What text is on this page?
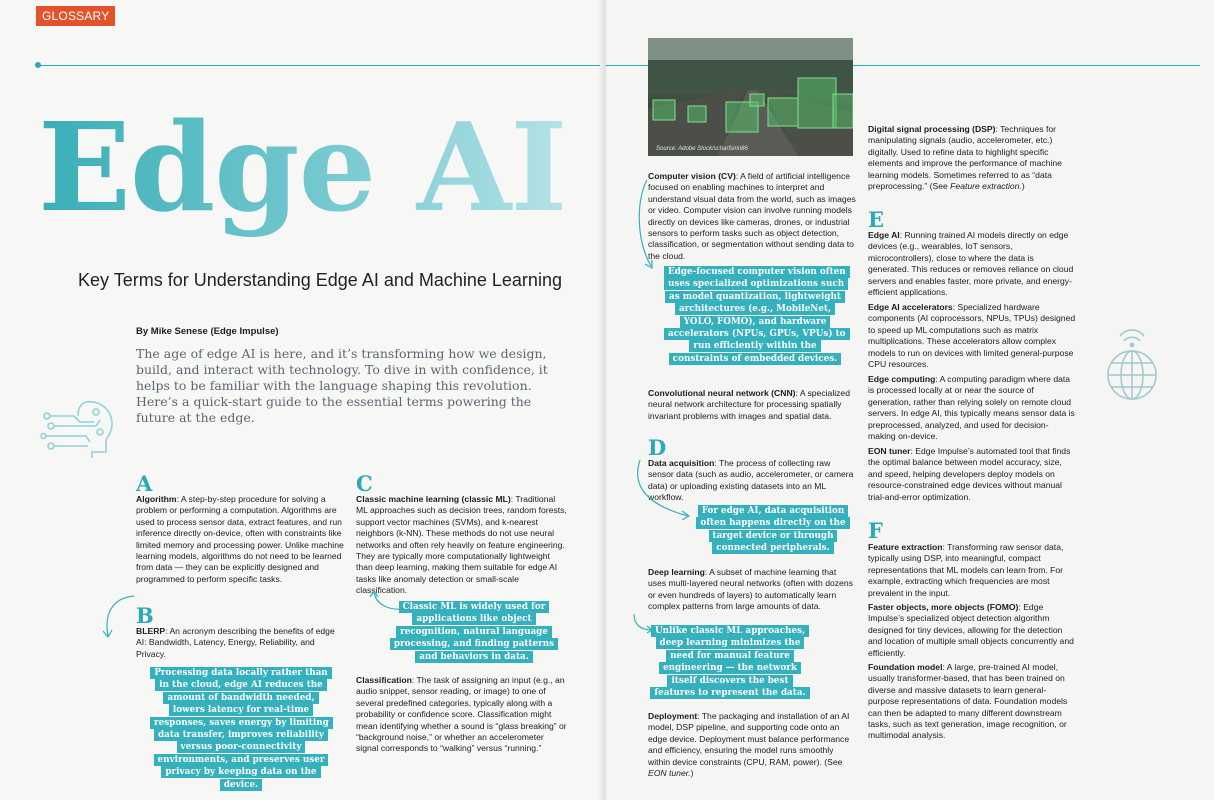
GLOSSARY
Edge AI
Key Terms for Understanding Edge AI and Machine Learning
By Mike Senese (Edge Impulse)
The age of edge AI is here, and it’s transforming how we design, build, and interact with technology. To dive in with confidence, it helps to be familiar with the language shaping this revolution. Here’s a quick-start guide to the essential terms powering the future at the edge.
A

Algorithm: A step-by-step procedure for solving a problem or performing a computation. Algorithms are used to process sensor data, extract features, and run inference directly on-device, often with constraints like limited memory and processing power. Unlike machine learning models, algorithms do not need to be learned from data — they can be explicitly designed and programmed to perform specific tasks.

B

BLERP: An acronym describing the benefits of edge AI: Bandwidth, Latency, Energy, Reliability, and Privacy.

Processing data locally rather than in the cloud, edge AI reduces the amount of bandwidth needed, lowers latency for real-time responses, saves energy by limiting data transfer, improves reliability versus poor-connectivity environments, and preserves user privacy by keeping data on the device.
C

Classic machine learning (classic ML): Traditional ML approaches such as decision trees, random forests, support vector machines (SVMs), and k-nearest neighbors (k-NN). These methods do not use neural networks and often rely heavily on feature engineering. They are typically more computationally lightweight than deep learning, making them suitable for edge AI tasks like anomaly detection or small-scale classification.

Classic ML is widely used for applications like object recognition, natural language processing, and finding patterns and behaviors in data.

Classification: The task of assigning an input (e.g., an audio snippet, sensor reading, or image) to one of several predefined categories, typically along with a probability or confidence score. Classification might mean identifying whether a sound is “glass breaking” or “background noise,” or whether an accelerometer signal corresponds to “walking” versus “running.”

Source: Adobe Stock/scharfsinn86

Computer vision (CV): A field of artificial intelligence focused on enabling machines to interpret and understand visual data from the world, such as images or video. Computer vision can involve running models directly on devices like cameras, drones, or industrial sensors to perform tasks such as object detection, classification, or segmentation without sending data to the cloud.

Edge-focused computer vision often uses specialized optimizations such as model quantization, lightweight architectures (e.g., MobileNet, YOLO, FOMO), and hardware accelerators (NPUs, GPUs, VPUs) to run efficiently within the constraints of embedded devices.

Convolutional neural network (CNN): A specialized neural network architecture for processing spatially invariant problems with images and spatial data.

D

Data acquisition: The process of collecting raw sensor data (such as audio, accelerometer, or camera data) or uploading existing datasets into an ML workflow.

For edge AI, data acquisition often happens directly on the target device or through connected peripherals.

Deep learning: A subset of machine learning that uses multi-layered neural networks (often with dozens or even hundreds of layers) to automatically learn complex patterns from large amounts of data.

Unlike classic ML approaches, deep learning minimizes the need for manual feature engineering — the network itself discovers the best features to represent the data.

Deployment: The packaging and installation of an AI model, DSP pipeline, and supporting code onto an edge device. Deployment must balance performance and efficiency, ensuring the model runs smoothly within device constraints (CPU, RAM, power). (See EON tuner.)

Digital signal processing (DSP): Techniques for manipulating signals (audio, accelerometer, etc.) digitally. Used to refine data to highlight specific elements and improve the performance of machine learning models. Sometimes referred to as “data preprocessing.” (See Feature extraction.)

E

Edge AI: Running trained AI models directly on edge devices (e.g., wearables, IoT sensors, microcontrollers), close to where the data is generated. This reduces or removes reliance on cloud servers and enables faster, more private, and energy-efficient applications.

Edge AI accelerators: Specialized hardware components (AI coprocessors, NPUs, TPUs) designed to speed up ML computations such as matrix multiplications. These accelerators allow complex models to run on devices with limited general-purpose CPU resources.

Edge computing: A computing paradigm where data is processed locally at or near the source of generation, rather than relying solely on remote cloud servers. In edge AI, this typically means sensor data is preprocessed, analyzed, and used for decision-making on-device.

EON tuner: Edge Impulse’s automated tool that finds the optimal balance between model accuracy, size, and speed, helping developers deploy models on resource-constrained edge devices without manual trial-and-error optimization.

F

Feature extraction: Transforming raw sensor data, typically using DSP, into meaningful, compact representations that ML models can learn from. For example, extracting which frequencies are most prevalent in the input.

Faster objects, more objects (FOMO): Edge Impulse’s specialized object detection algorithm designed for tiny devices, allowing for the detection and location of multiple small objects concurrently and efficiently.

Foundation model: A large, pre-trained AI model, usually transformer-based, that has been trained on diverse and massive datasets to learn general-purpose representations of data. Foundation models can then be adapted to many different downstream tasks, such as text generation, image recognition, or multimodal analysis.
